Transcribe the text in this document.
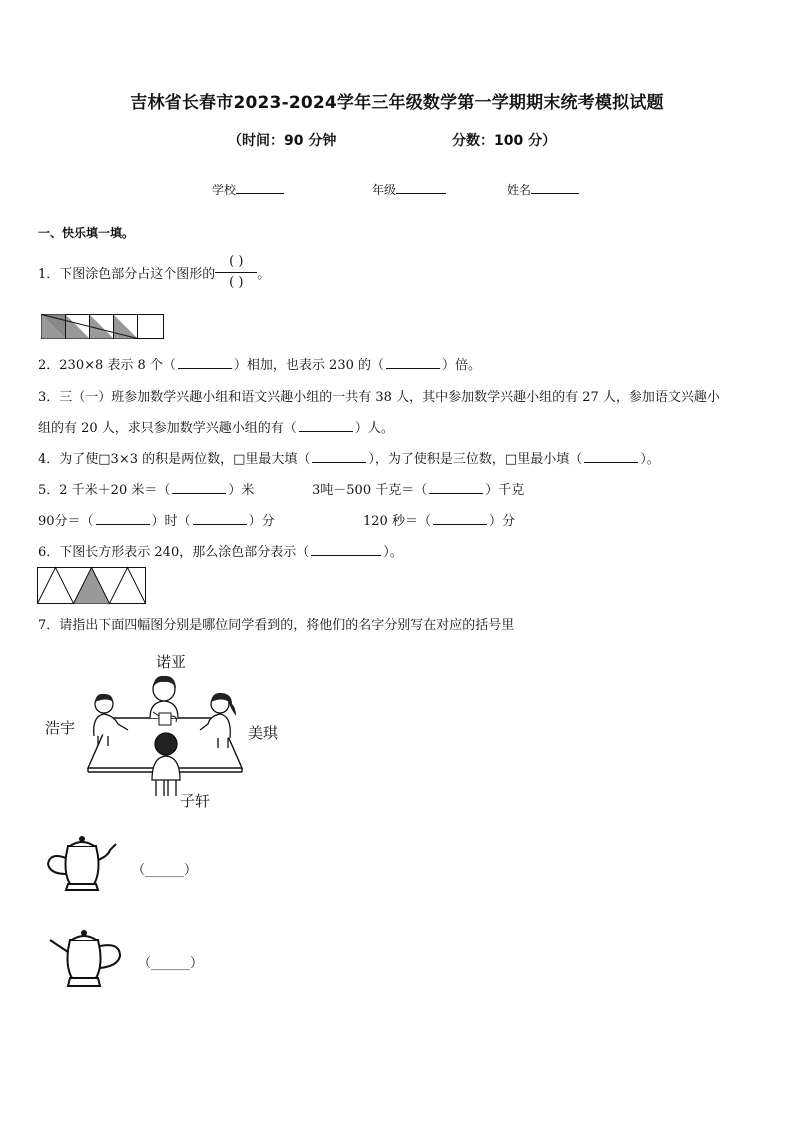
吉林省长春市2023-2024学年三年级数学第一学期期末统考模拟试题
（时间：90 分钟	分数：100 分）
学校	年级	姓名
一、快乐填一填。
1．下图涂色部分占这个图形的$\frac{( )}{( )}$。
2．230×8 表示 8 个（	）相加，也表示 230 的（	）倍。
3．三（一）班参加数学兴趣小组和语文兴趣小组的一共有 38 人，其中参加数学兴趣小组的有 27 人，参加语文兴趣小
组的有 20 人，求只参加数学兴趣小组的有（	）人。
4．为了使□3×3 的积是两位数，□里最大填（	），为了使积是三位数，□里最小填（	）。
5．2 千米＋20 米＝（	）米	3吨－500 千克＝（	）千克
90分＝（	）时（	）分	120 秒＝（	）分
6．下图长方形表示 240，那么涂色部分表示（	）。
7．请指出下面四幅图分别是哪位同学看到的，将他们的名字分别写在对应的括号里
诺亚
浩宇	美琪
子轩
（______）
（______）
